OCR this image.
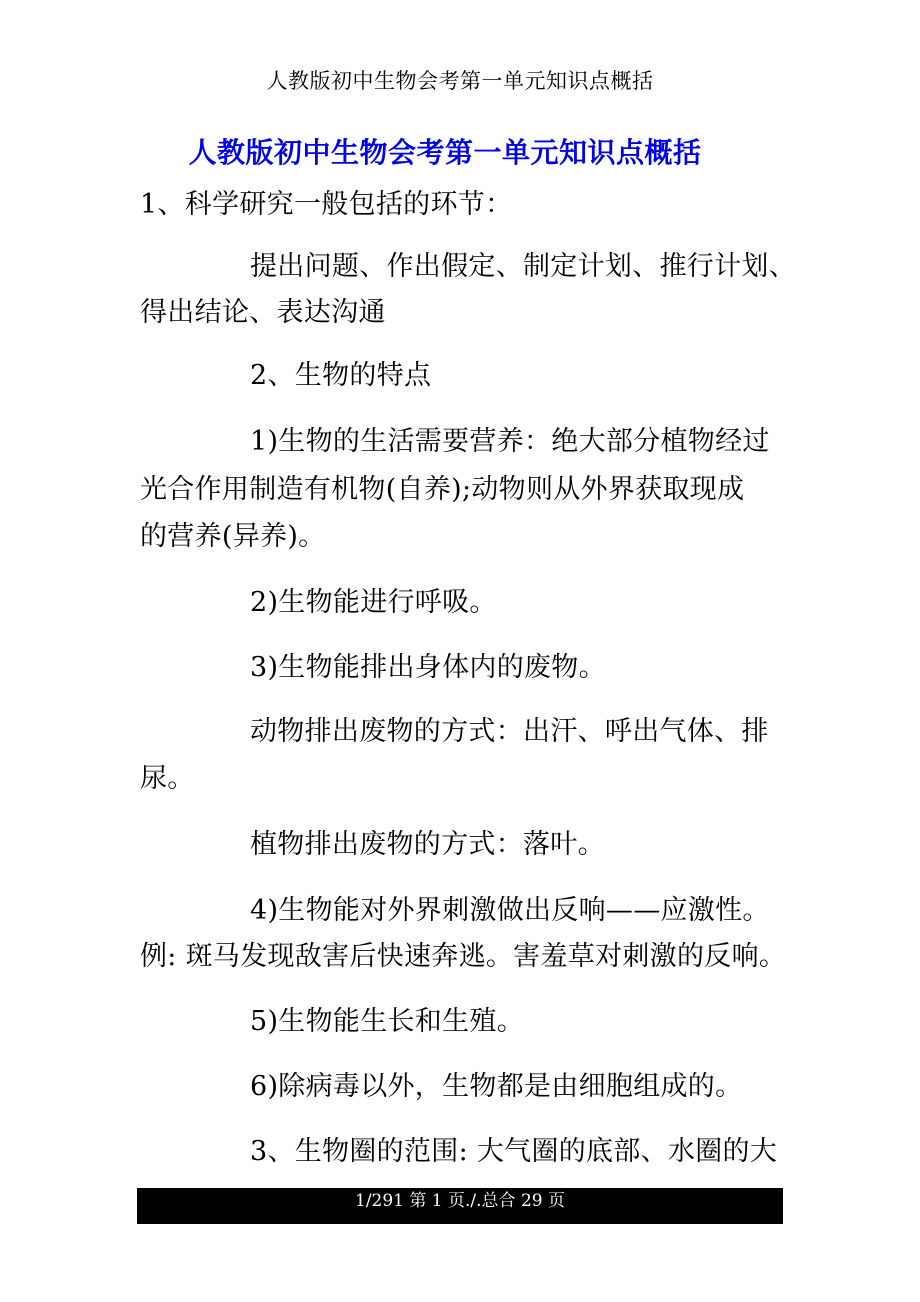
人教版初中生物会考第一单元知识点概括
人教版初中生物会考第一单元知识点概括
1、科学研究一般包括的环节：
提出问题、作出假定、制定计划、推行计划、
得出结论、表达沟通
2、生物的特点
1)生物的生活需要营养：绝大部分植物经过
光合作用制造有机物(自养);动物则从外界获取现成
的营养(异养)。
2)生物能进行呼吸。
3)生物能排出身体内的废物。
动物排出废物的方式：出汗、呼出气体、排
尿。
植物排出废物的方式：落叶。
4)生物能对外界刺激做出反响——应激性。
例: 斑马发现敌害后快速奔逃。害羞草对刺激的反响。
5)生物能生长和生殖。
6)除病毒以外，生物都是由细胞组成的。
3、生物圈的范围: 大气圈的底部、水圈的大
1/291 第 1 页./.总合 29 页
